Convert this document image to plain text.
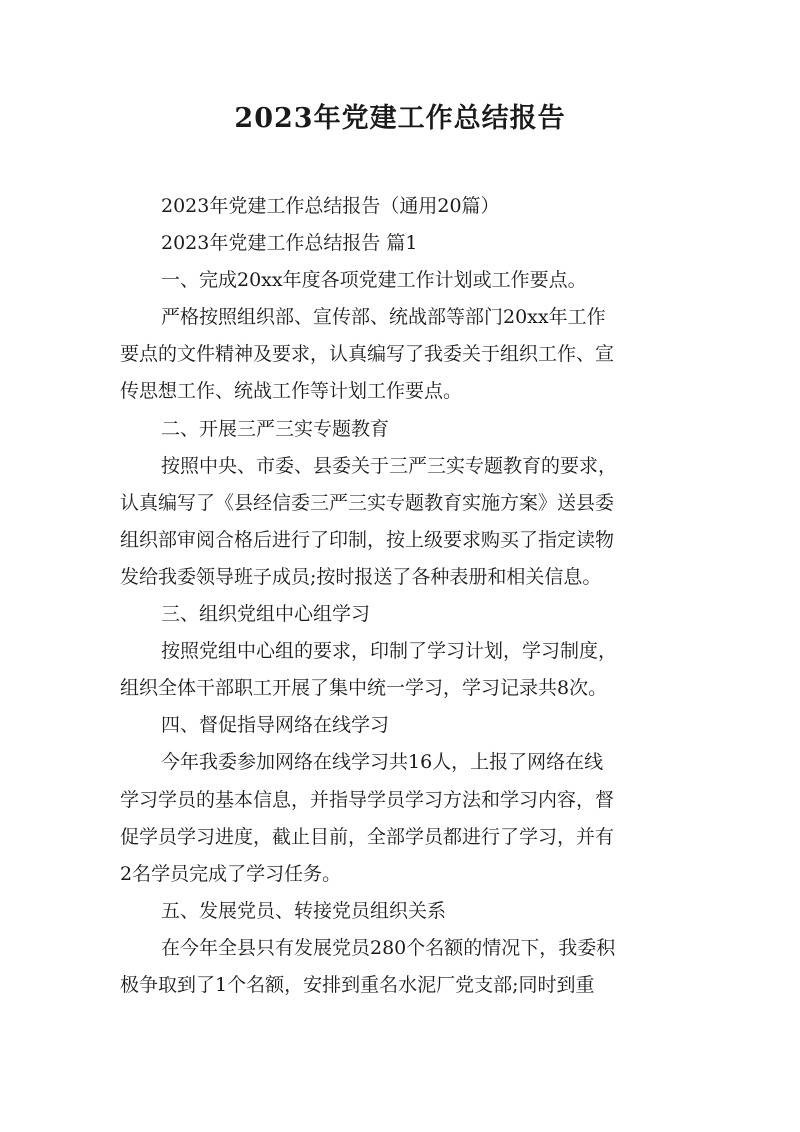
2023年党建工作总结报告
2023年党建工作总结报告（通用20篇）
2023年党建工作总结报告 篇1
一、完成20xx年度各项党建工作计划或工作要点。
严格按照组织部、宣传部、统战部等部门20xx年工作
要点的文件精神及要求，认真编写了我委关于组织工作、宣
传思想工作、统战工作等计划工作要点。
二、开展三严三实专题教育
按照中央、市委、县委关于三严三实专题教育的要求，
认真编写了《县经信委三严三实专题教育实施方案》送县委
组织部审阅合格后进行了印制，按上级要求购买了指定读物
发给我委领导班子成员;按时报送了各种表册和相关信息。
三、组织党组中心组学习
按照党组中心组的要求，印制了学习计划，学习制度，
组织全体干部职工开展了集中统一学习，学习记录共8次。
四、督促指导网络在线学习
今年我委参加网络在线学习共16人，上报了网络在线
学习学员的基本信息，并指导学员学习方法和学习内容，督
促学员学习进度，截止目前，全部学员都进行了学习，并有
2名学员完成了学习任务。
五、发展党员、转接党员组织关系
在今年全县只有发展党员280个名额的情况下，我委积
极争取到了1个名额，安排到重名水泥厂党支部;同时到重
